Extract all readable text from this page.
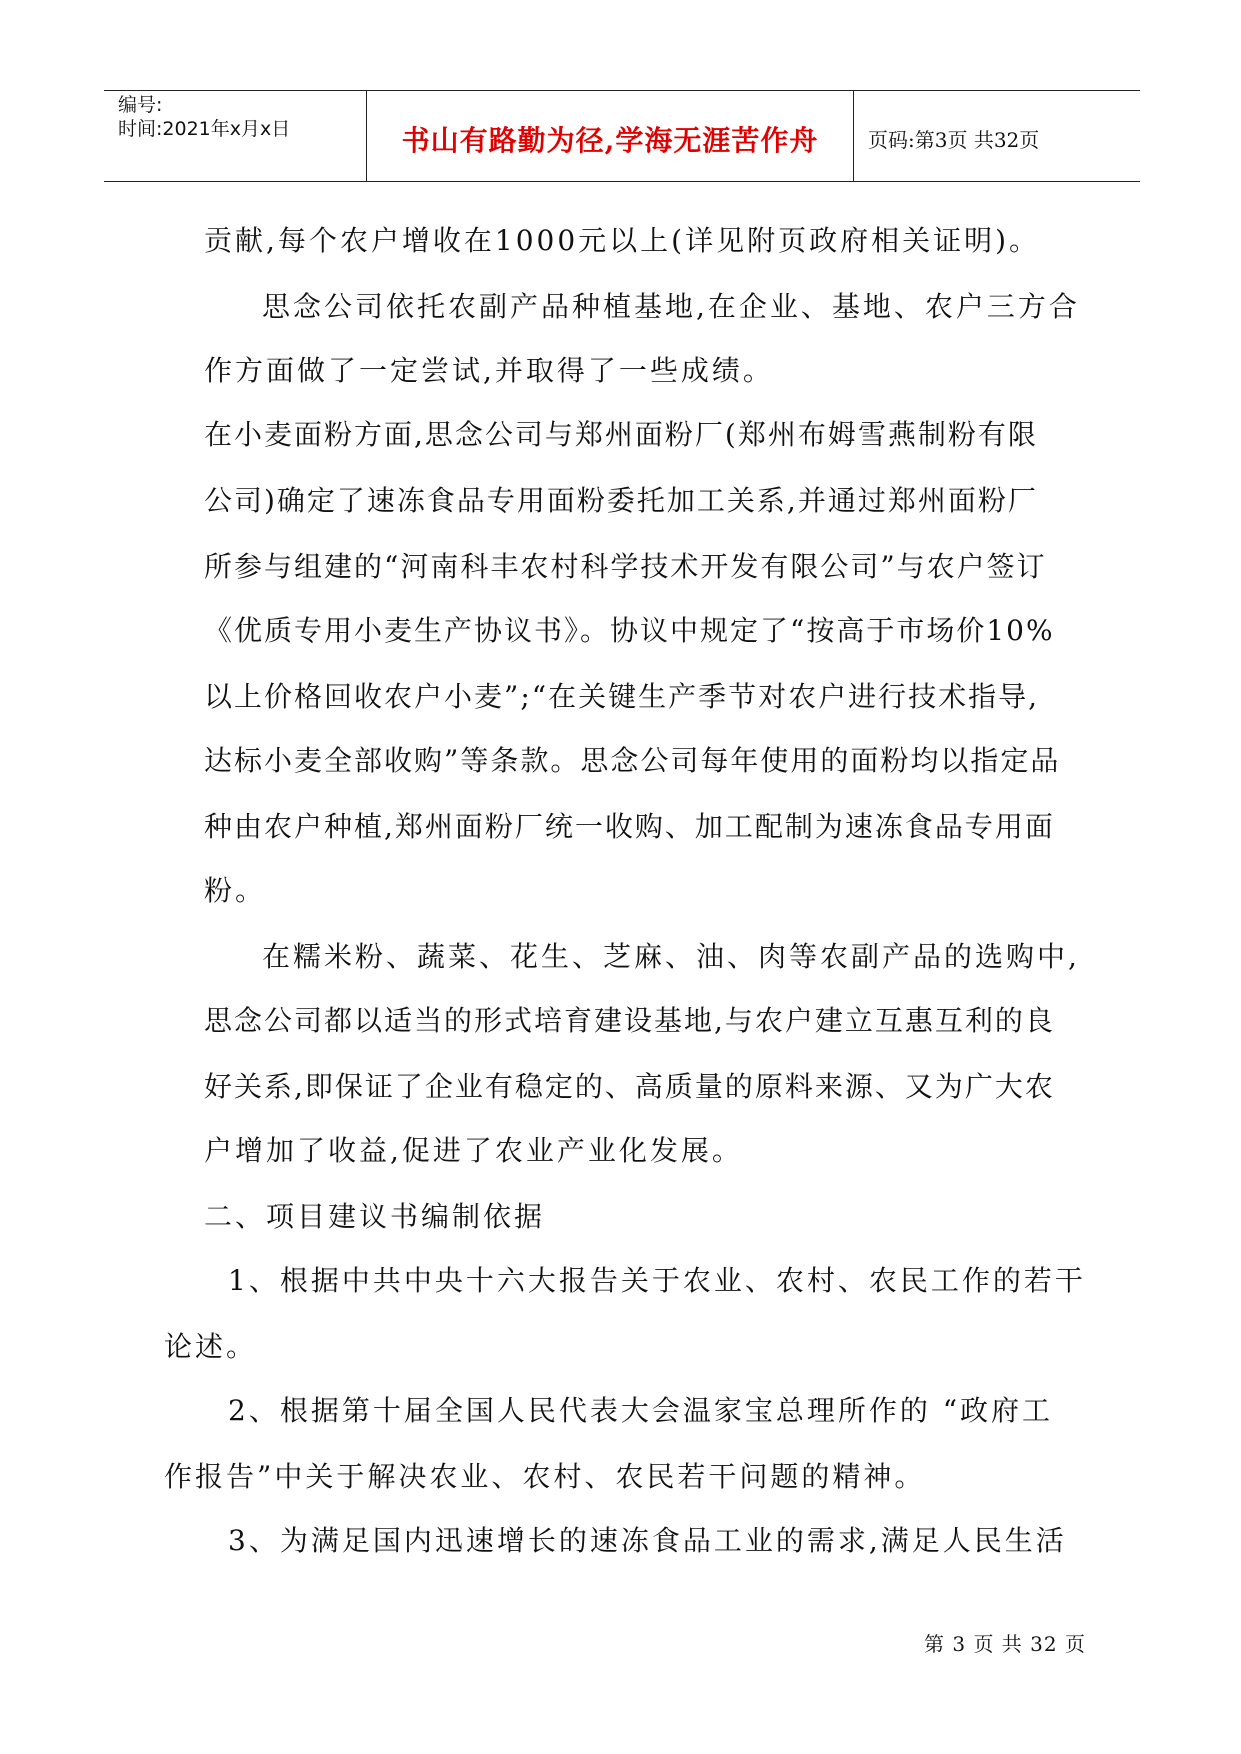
编号:
时间:2021年x月x日	书山有路勤为径,学海无涯苦作舟	页码:第3页 共32页
贡献,每个农户增收在1000元以上(详见附页政府相关证明)。
思念公司依托农副产品种植基地,在企业、基地、农户三方合
作方面做了一定尝试,并取得了一些成绩。
在小麦面粉方面,思念公司与郑州面粉厂(郑州布姆雪燕制粉有限
公司)确定了速冻食品专用面粉委托加工关系,并通过郑州面粉厂
所参与组建的“河南科丰农村科学技术开发有限公司”与农户签订
《优质专用小麦生产协议书》。协议中规定了“按高于市场价10%
以上价格回收农户小麦”;“在关键生产季节对农户进行技术指导,
达标小麦全部收购”等条款。思念公司每年使用的面粉均以指定品
种由农户种植,郑州面粉厂统一收购、加工配制为速冻食品专用面
粉。
在糯米粉、蔬菜、花生、芝麻、油、肉等农副产品的选购中,
思念公司都以适当的形式培育建设基地,与农户建立互惠互利的良
好关系,即保证了企业有稳定的、高质量的原料来源、又为广大农
户增加了收益,促进了农业产业化发展。
二、项目建议书编制依据
1、根据中共中央十六大报告关于农业、农村、农民工作的若干
论述。
2、根据第十届全国人民代表大会温家宝总理所作的 “政府工
作报告”中关于解决农业、农村、农民若干问题的精神。
3、为满足国内迅速增长的速冻食品工业的需求,满足人民生活
第 3 页 共 32 页
